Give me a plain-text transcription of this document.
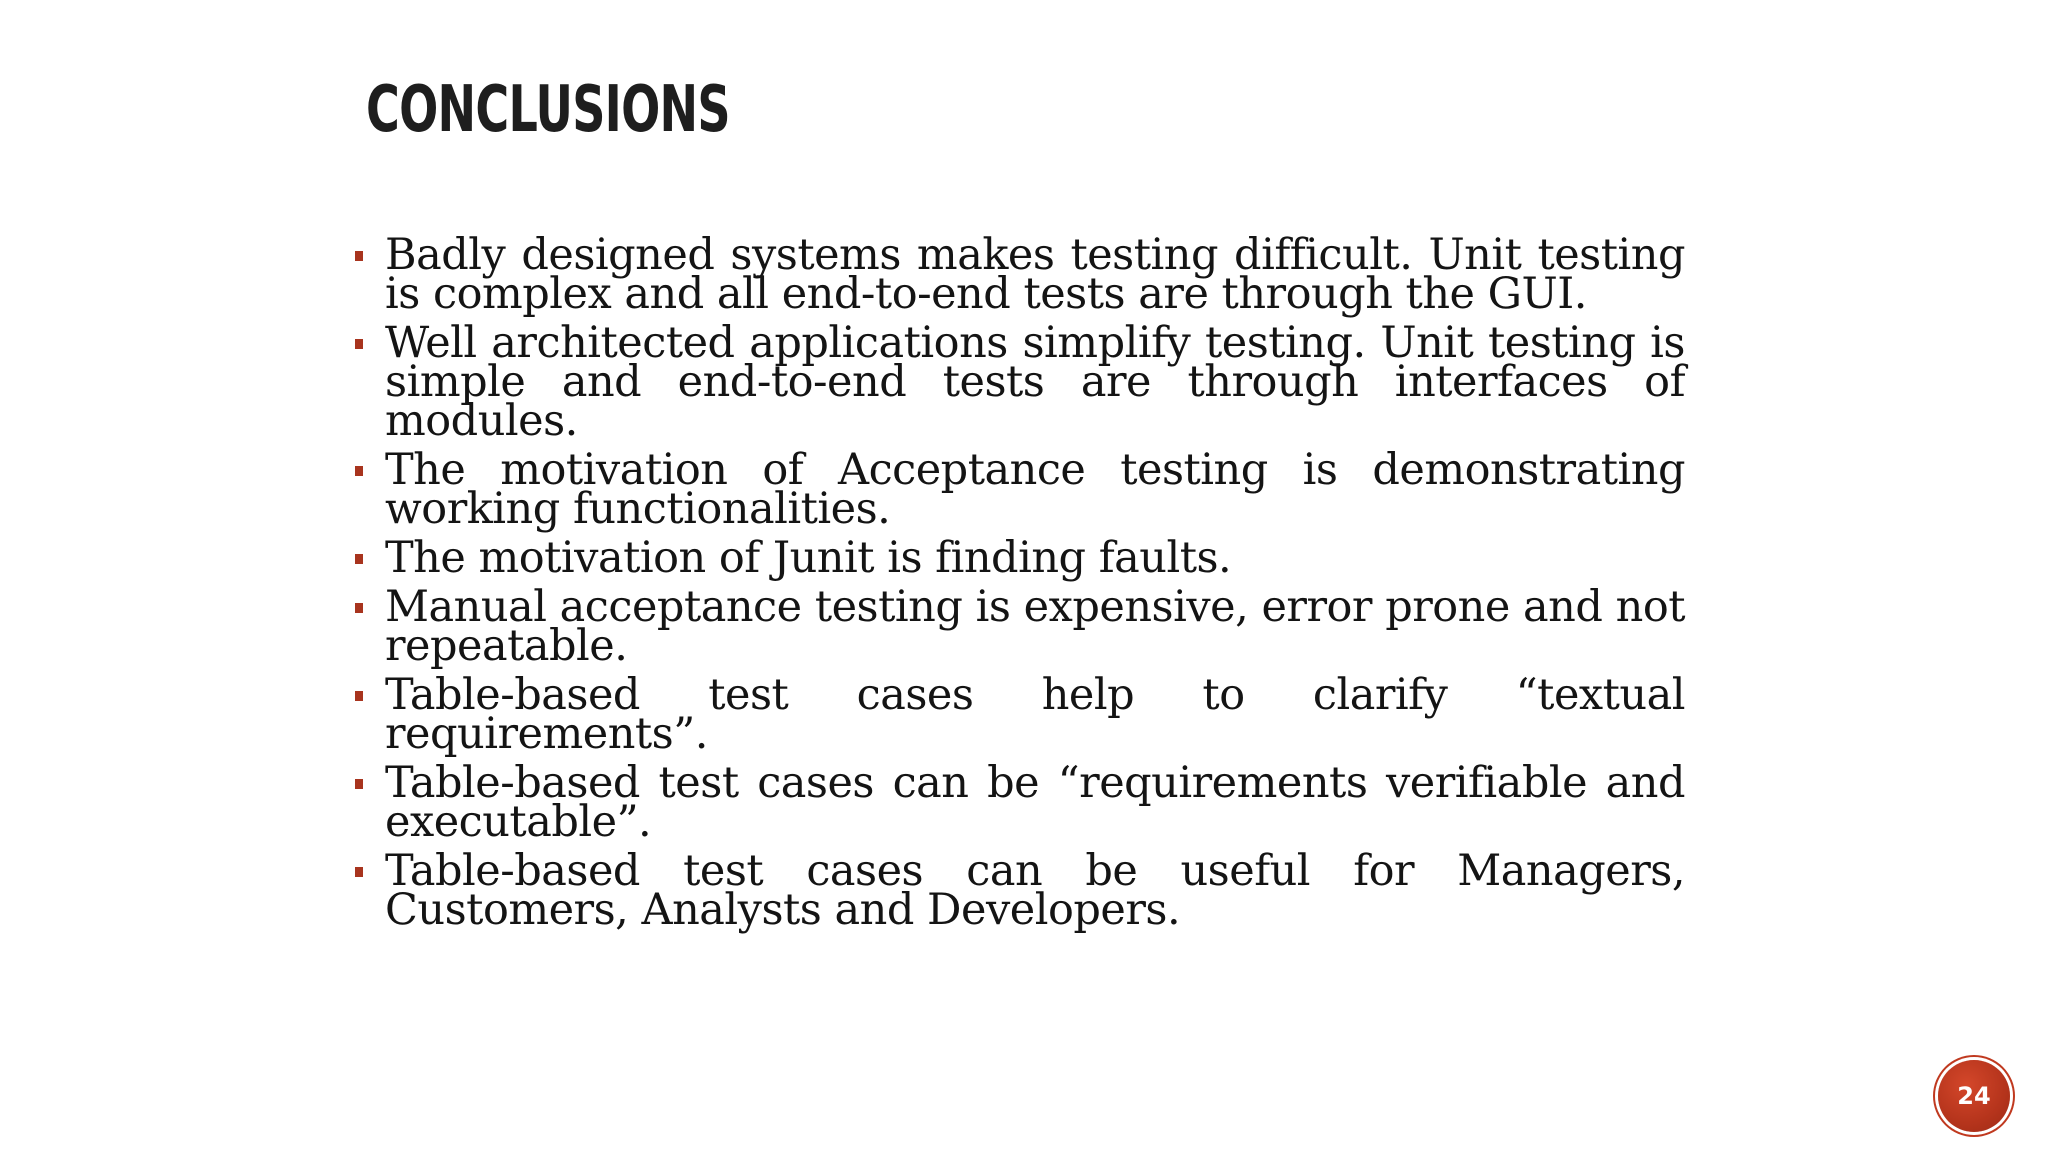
CONCLUSIONS
Badly designed systems makes testing difficult. Unit testing is complex and all end-to-end tests are through the GUI.
Well architected applications simplify testing. Unit testing is simple and end-to-end tests are through interfaces of modules.
The motivation of Acceptance testing is demonstrating working functionalities.
The motivation of Junit is finding faults.
Manual acceptance testing is expensive, error prone and not repeatable.
Table-based test cases help to clarify “textual requirements”.
Table-based test cases can be “requirements verifiable and executable”.
Table-based test cases can be useful for Managers, Customers, Analysts and Developers.
24
